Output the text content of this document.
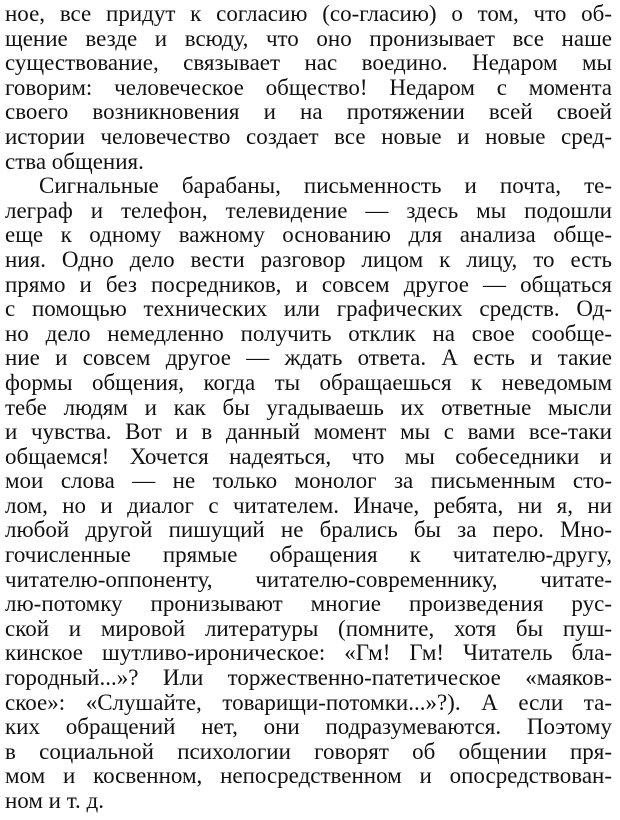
ное, все придут к согласию (со-гласию) о том, что об-
щение везде и всюду, что оно пронизывает все наше
существование, связывает нас воедино. Недаром мы
говорим: человеческое общество! Недаром с момента
своего возникновения и на протяжении всей своей
истории человечество создает все новые и новые сред-
ства общения.
Сигнальные барабаны, письменность и почта, те-
леграф и телефон, телевидение — здесь мы подошли
еще к одному важному основанию для анализа обще-
ния. Одно дело вести разговор лицом к лицу, то есть
прямо и без посредников, и совсем другое — общаться
с помощью технических или графических средств. Од-
но дело немедленно получить отклик на свое сообще-
ние и совсем другое — ждать ответа. А есть и такие
формы общения, когда ты обращаешься к неведомым
тебе людям и как бы угадываешь их ответные мысли
и чувства. Вот и в данный момент мы с вами все-таки
общаемся! Хочется надеяться, что мы собеседники и
мои слова — не только монолог за письменным сто-
лом, но и диалог с читателем. Иначе, ребята, ни я, ни
любой другой пишущий не брались бы за перо. Мно-
гочисленные прямые обращения к читателю-другу,
читателю-оппоненту, читателю-современнику, читате-
лю-потомку пронизывают многие произведения рус-
ской и мировой литературы (помните, хотя бы пуш-
кинское шутливо-ироническое: «Гм! Гм! Читатель бла-
городный...»? Или торжественно-патетическое «маяков-
ское»: «Слушайте, товарищи-потомки...»?). А если та-
ких обращений нет, они подразумеваются. Поэтому
в социальной психологии говорят об общении пря-
мом и косвенном, непосредственном и опосредствован-
ном и т. д.
